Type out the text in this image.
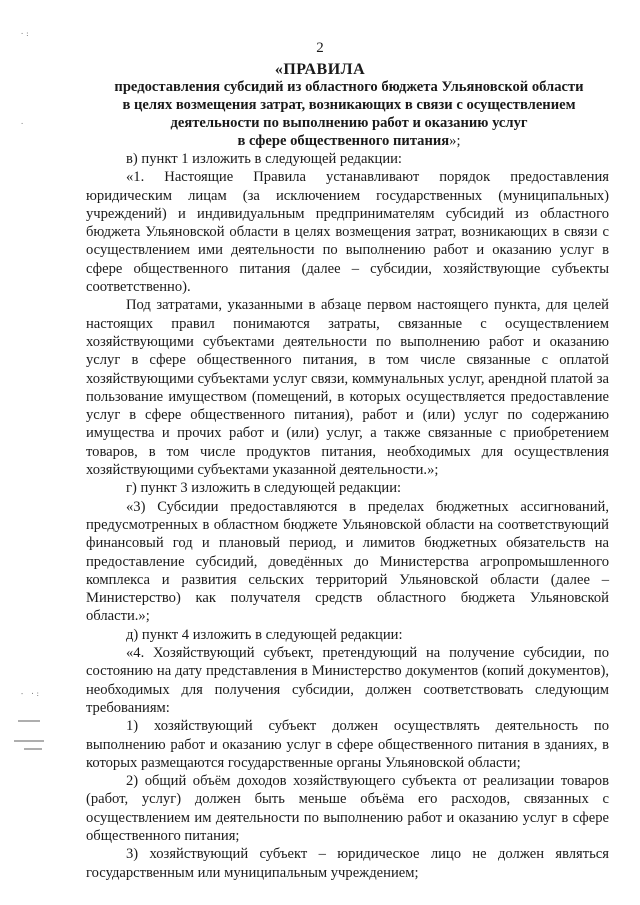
·:
·
- ·:
2
«ПРАВИЛА
предоставления субсидий из областного бюджета Ульяновской области
в целях возмещения затрат, возникающих в связи с осуществлением
деятельности по выполнению работ и оказанию услуг
в сфере общественного питания»;

в) пункт 1 изложить в следующей редакции:

«1. Настоящие Правила устанавливают порядок предоставления юридическим лицам (за исключением государственных (муниципальных) учреждений) и индивидуальным предпринимателям субсидий из областного бюджета Ульяновской области в целях возмещения затрат, возникающих в связи с осуществлением ими деятельности по выполнению работ и оказанию услуг в сфере общественного питания (далее – субсидии, хозяйствующие субъекты соответственно).

Под затратами, указанными в абзаце первом настоящего пункта, для целей настоящих правил понимаются затраты, связанные с осуществлением хозяйствующими субъектами деятельности по выполнению работ и оказанию услуг в сфере общественного питания, в том числе связанные с оплатой хозяйствующими субъектами услуг связи, коммунальных услуг, арендной платой за пользование имуществом (помещений, в которых осуществляется предоставление услуг в сфере общественного питания), работ и (или) услуг по содержанию имущества и прочих работ и (или) услуг, а также связанные с приобретением товаров, в том числе продуктов питания, необходимых для осуществления хозяйствующими субъектами указанной деятельности.»;

г) пункт 3 изложить в следующей редакции:

«3) Субсидии предоставляются в пределах бюджетных ассигнований, предусмотренных в областном бюджете Ульяновской области на соответствующий финансовый год и плановый период, и лимитов бюджетных обязательств на предоставление субсидий, доведённых до Министерства агропромышленного комплекса и развития сельских территорий Ульяновской области (далее – Министерство) как получателя средств областного бюджета Ульяновской области.»;

д) пункт 4 изложить в следующей редакции:

«4. Хозяйствующий субъект, претендующий на получение субсидии, по состоянию на дату представления в Министерство документов (копий документов), необходимых для получения субсидии, должен соответствовать следующим требованиям:

1) хозяйствующий субъект должен осуществлять деятельность по выполнению работ и оказанию услуг в сфере общественного питания в зданиях, в которых размещаются государственные органы Ульяновской области;

2) общий объём доходов хозяйствующего субъекта от реализации товаров (работ, услуг) должен быть меньше объёма его расходов, связанных с осуществлением им деятельности по выполнению работ и оказанию услуг в сфере общественного питания;

3) хозяйствующий субъект – юридическое лицо не должен являться государственным или муниципальным учреждением;
